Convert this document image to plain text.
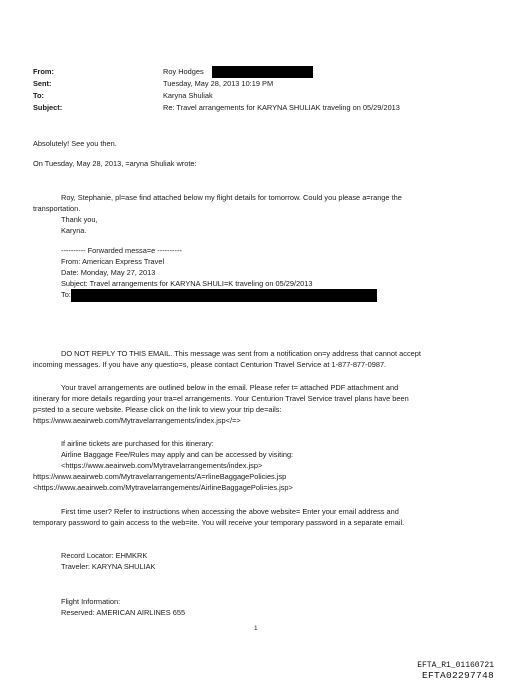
From:
Sent:
To:
Subject:
Roy Hodges
Tuesday, May 28, 2013 10:19 PM
Karyna Shuliak
Re: Travel arrangements for KARYNA SHULIAK traveling on 05/29/2013
Absolutely! See you then.
On Tuesday, May 28, 2013, =aryna Shuliak wrote:
Roy, Stephanie, pl=ase find attached below my flight details for tomorrow. Could you please a=range the
transportation.
Thank you,
Karyna.
---------- Forwarded messa=e ----------
From: American Express Travel
Date: Monday, May 27, 2013
Subject: Travel arrangements for KARYNA SHULI=K traveling on 05/29/2013
To:
DO NOT REPLY TO THIS EMAIL. This message was sent from a notification on=y address that cannot accept
incoming messages. If you have any questio=s, please contact Centurion Travel Service at 1-877-877-0987.
Your travel arrangements are outlined below in the email. Please refer t= attached PDF attachment and
itinerary for more details regarding your tra=el arrangements. Your Centurion Travel Service travel plans have been
p=sted to a secure website. Please click on the link to view your trip de=ails:
https://www.aeairweb.com/Mytravelarrangements/index.jsp</=>
If airline tickets are purchased for this itinerary:
Airline Baggage Fee/Rules may apply and can be accessed by visiting:
<https://www.aeairweb.com/Mytravelarrangements/index.jsp>
https://www.aeairweb.com/Mytravelarrangements/A=rlineBaggagePolicies.jsp
<https://www.aeairweb.com/Mytravelarrangements/AirlineBaggagePoli=ies.jsp>
First time user? Refer to instructions when accessing the above website= Enter your email address and
temporary password to gain access to the web=ite. You will receive your temporary password in a separate email.
Record Locator: EHMKRK
Traveler: KARYNA SHULIAK
Flight Information:
Reserved: AMERICAN AIRLINES 655
1
EFTA_R1_01160721
EFTA02297748
